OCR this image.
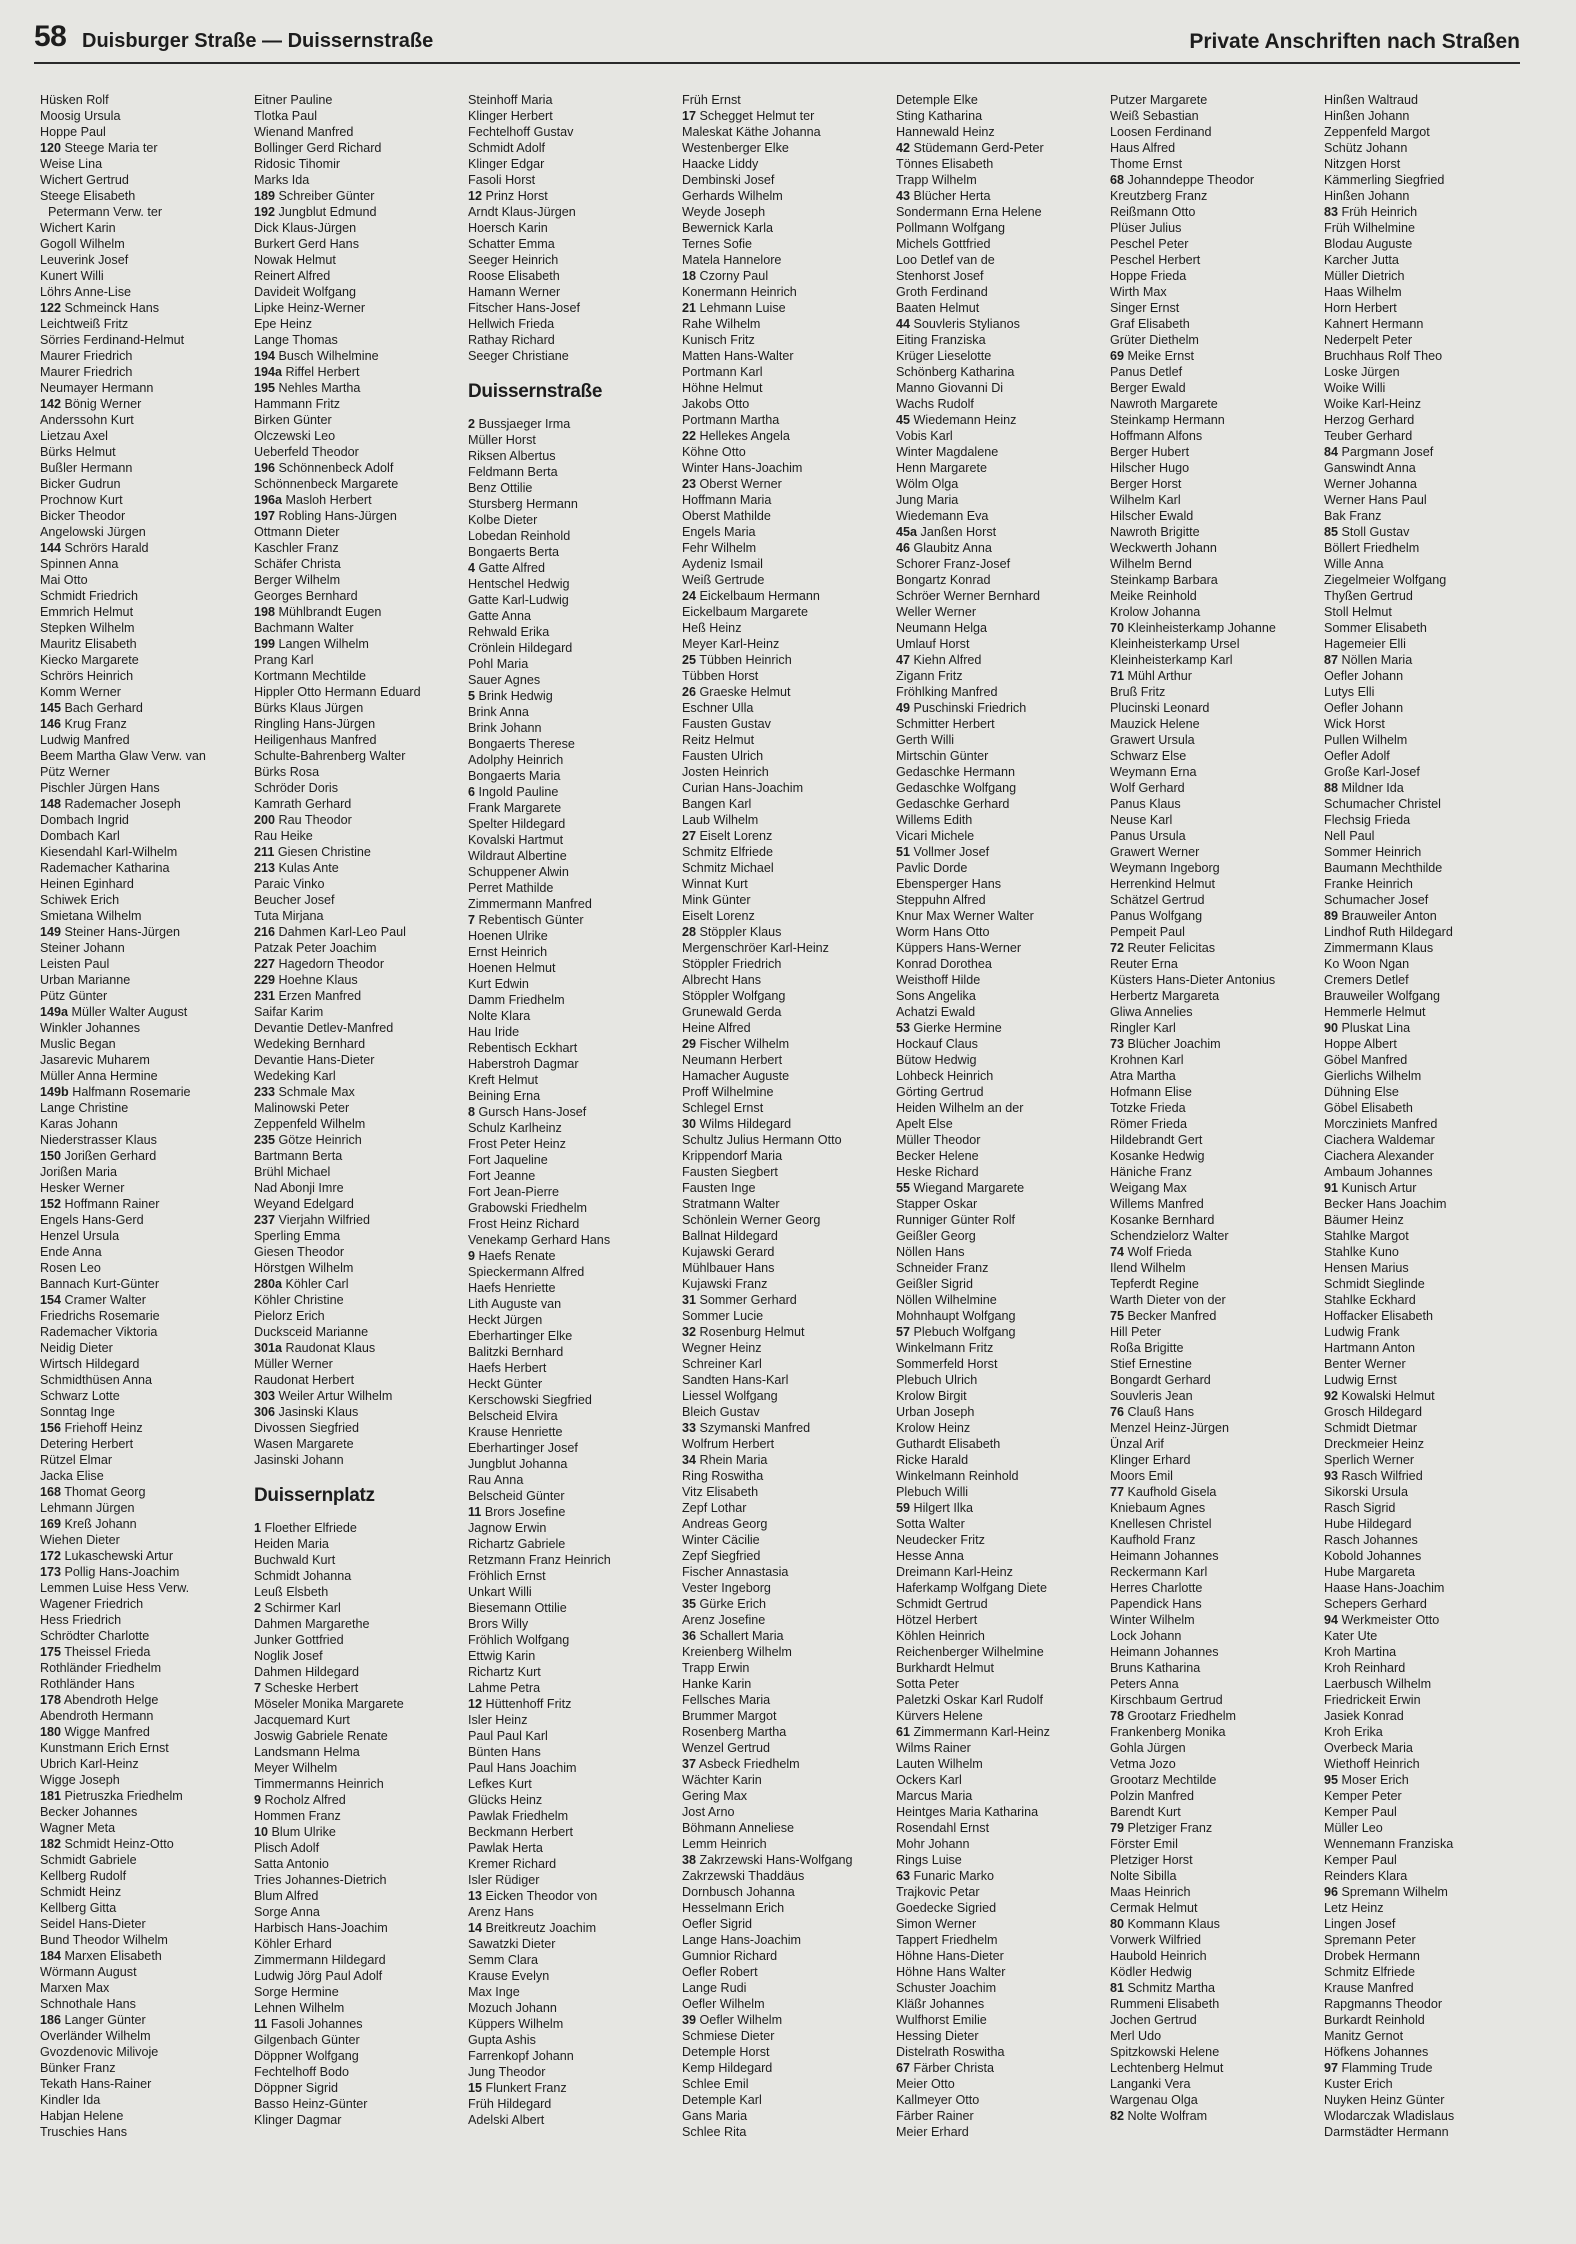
58 Duisburger Straße — Duissernstraße	Private Anschriften nach Straßen
Hüsken Rolf
Moosig Ursula
Hoppe Paul
120 Steege Maria ter
Weise Lina
Wichert Gertrud
Steege Elisabeth
Petermann Verw. ter
Wichert Karin
Gogoll Wilhelm
Leuverink Josef
Kunert Willi
Löhrs Anne-Lise
122 Schmeinck Hans
Leichtweiß Fritz
Sörries Ferdinand-Helmut
Maurer Friedrich
Maurer Friedrich
Neumayer Hermann
142 Bönig Werner
Anderssohn Kurt
Lietzau Axel
Bürks Helmut
Bußler Hermann
Bicker Gudrun
Prochnow Kurt
Bicker Theodor
Angelowski Jürgen
144 Schrörs Harald
Spinnen Anna
Mai Otto
Schmidt Friedrich
Emmrich Helmut
Stepken Wilhelm
Mauritz Elisabeth
Kiecko Margarete
Schrörs Heinrich
Komm Werner
145 Bach Gerhard
146 Krug Franz
Ludwig Manfred
Beem Martha Glaw Verw. van
Pütz Werner
Pischler Jürgen Hans
148 Rademacher Joseph
Dombach Ingrid
Dombach Karl
Kiesendahl Karl-Wilhelm
Rademacher Katharina
Heinen Eginhard
Schiwek Erich
Smietana Wilhelm
149 Steiner Hans-Jürgen
Steiner Johann
Leisten Paul
Urban Marianne
Pütz Günter
149a Müller Walter August
Winkler Johannes
Muslic Began
Jasarevic Muharem
Müller Anna Hermine
149b Halfmann Rosemarie
Lange Christine
Karas Johann
Niederstrasser Klaus
150 Jorißen Gerhard
Jorißen Maria
Hesker Werner
152 Hoffmann Rainer
Engels Hans-Gerd
Henzel Ursula
Ende Anna
Rosen Leo
Bannach Kurt-Günter
154 Cramer Walter
Friedrichs Rosemarie
Rademacher Viktoria
Neidig Dieter
Wirtsch Hildegard
Schmidthüsen Anna
Schwarz Lotte
Sonntag Inge
156 Friehoff Heinz
Detering Herbert
Rützel Elmar
Jacka Elise
168 Thomat Georg
Lehmann Jürgen
169 Kreß Johann
Wiehen Dieter
172 Lukaschewski Artur
173 Pollig Hans-Joachim
Lemmen Luise Hess Verw.
Wagener Friedrich
Hess Friedrich
Schrödter Charlotte
175 Theissel Frieda
Rothländer Friedhelm
Rothländer Hans
178 Abendroth Helge
Abendroth Hermann
180 Wigge Manfred
Kunstmann Erich Ernst
Ubrich Karl-Heinz
Wigge Joseph
181 Pietruszka Friedhelm
Becker Johannes
Wagner Meta
182 Schmidt Heinz-Otto
Schmidt Gabriele
Kellberg Rudolf
Schmidt Heinz
Kellberg Gitta
Seidel Hans-Dieter
Bund Theodor Wilhelm
184 Marxen Elisabeth
Wörmann August
Marxen Max
Schnothale Hans
186 Langer Günter
Overländer Wilhelm
Gvozdenovic Milivoje
Bünker Franz
Tekath Hans-Rainer
Kindler Ida
Habjan Helene
Truschies Hans
Eitner Pauline
Tlotka Paul
Wienand Manfred
Bollinger Gerd Richard
Ridosic Tihomir
Marks Ida
189 Schreiber Günter
192 Jungblut Edmund
Dick Klaus-Jürgen
Burkert Gerd Hans
Nowak Helmut
Reinert Alfred
Davideit Wolfgang
Lipke Heinz-Werner
Epe Heinz
Lange Thomas
194 Busch Wilhelmine
194a Riffel Herbert
195 Nehles Martha
Hammann Fritz
Birken Günter
Olczewski Leo
Ueberfeld Theodor
196 Schönnenbeck Adolf
Schönnenbeck Margarete
196a Masloh Herbert
197 Robling Hans-Jürgen
Ottmann Dieter
Kaschler Franz
Schäfer Christa
Berger Wilhelm
Georges Bernhard
198 Mühlbrandt Eugen
Bachmann Walter
199 Langen Wilhelm
Prang Karl
Kortmann Mechtilde
Hippler Otto Hermann Eduard
Bürks Klaus Jürgen
Ringling Hans-Jürgen
Heiligenhaus Manfred
Schulte-Bahrenberg Walter
Bürks Rosa
Schröder Doris
Kamrath Gerhard
200 Rau Theodor
Rau Heike
211 Giesen Christine
213 Kulas Ante
Paraic Vinko
Beucher Josef
Tuta Mirjana
216 Dahmen Karl-Leo Paul
Patzak Peter Joachim
227 Hagedorn Theodor
229 Hoehne Klaus
231 Erzen Manfred
Saifar Karim
Devantie Detlev-Manfred
Wedeking Bernhard
Devantie Hans-Dieter
Wedeking Karl
233 Schmale Max
Malinowski Peter
Zeppenfeld Wilhelm
235 Götze Heinrich
Bartmann Berta
Brühl Michael
Nad Abonji Imre
Weyand Edelgard
237 Vierjahn Wilfried
Sperling Emma
Giesen Theodor
Hörstgen Wilhelm
280a Köhler Carl
Köhler Christine
Pielorz Erich
Ducksceid Marianne
301a Raudonat Klaus
Müller Werner
Raudonat Herbert
303 Weiler Artur Wilhelm
306 Jasinski Klaus
Divossen Siegfried
Wasen Margarete
Jasinski Johann
Duissernplatz
1 Floether Elfriede
Heiden Maria
Buchwald Kurt
Schmidt Johanna
Leuß Elsbeth
2 Schirmer Karl
Dahmen Margarethe
Junker Gottfried
Noglik Josef
Dahmen Hildegard
7 Scheske Herbert
Möseler Monika Margarete
Jacquemard Kurt
Joswig Gabriele Renate
Landsmann Helma
Meyer Wilhelm
Timmermanns Heinrich
9 Rocholz Alfred
Hommen Franz
10 Blum Ulrike
Plisch Adolf
Satta Antonio
Tries Johannes-Dietrich
Blum Alfred
Sorge Anna
Harbisch Hans-Joachim
Köhler Erhard
Zimmermann Hildegard
Ludwig Jörg Paul Adolf
Sorge Hermine
Lehnen Wilhelm
11 Fasoli Johannes
Gilgenbach Günter
Döppner Wolfgang
Fechtelhoff Bodo
Döppner Sigrid
Basso Heinz-Günter
Klinger Dagmar
Steinhoff Maria
Klinger Herbert
Fechtelhoff Gustav
Schmidt Adolf
Klinger Edgar
Fasoli Horst
12 Prinz Horst
Arndt Klaus-Jürgen
Hoersch Karin
Schatter Emma
Seeger Heinrich
Roose Elisabeth
Hamann Werner
Fitscher Hans-Josef
Hellwich Frieda
Rathay Richard
Seeger Christiane
Duissernstraße
2 Bussjaeger Irma
Müller Horst
Riksen Albertus
Feldmann Berta
Benz Ottilie
Stursberg Hermann
Kolbe Dieter
Lobedan Reinhold
Bongaerts Berta
4 Gatte Alfred
Hentschel Hedwig
Gatte Karl-Ludwig
Gatte Anna
Rehwald Erika
Crönlein Hildegard
Pohl Maria
Sauer Agnes
5 Brink Hedwig
Brink Anna
Brink Johann
Bongaerts Therese
Adolphy Heinrich
Bongaerts Maria
6 Ingold Pauline
Frank Margarete
Spelter Hildegard
Kovalski Hartmut
Wildraut Albertine
Schuppener Alwin
Perret Mathilde
Zimmermann Manfred
7 Rebentisch Günter
Hoenen Ulrike
Ernst Heinrich
Hoenen Helmut
Kurt Edwin
Damm Friedhelm
Nolte Klara
Hau Iride
Rebentisch Eckhart
Haberstroh Dagmar
Kreft Helmut
Beining Erna
8 Gursch Hans-Josef
Schulz Karlheinz
Frost Peter Heinz
Fort Jaqueline
Fort Jeanne
Fort Jean-Pierre
Grabowski Friedhelm
Frost Heinz Richard
Venekamp Gerhard Hans
9 Haefs Renate
Spieckermann Alfred
Haefs Henriette
Lith Auguste van
Heckt Jürgen
Eberhartinger Elke
Balitzki Bernhard
Haefs Herbert
Heckt Günter
Kerschowski Siegfried
Belscheid Elvira
Krause Henriette
Eberhartinger Josef
Jungblut Johanna
Rau Anna
Belscheid Günter
11 Brors Josefine
Jagnow Erwin
Richartz Gabriele
Retzmann Franz Heinrich
Fröhlich Ernst
Unkart Willi
Biesemann Ottilie
Brors Willy
Fröhlich Wolfgang
Ettwig Karin
Richartz Kurt
Lahme Petra
12 Hüttenhoff Fritz
Isler Heinz
Paul Paul Karl
Bünten Hans
Paul Hans Joachim
Lefkes Kurt
Glücks Heinz
Pawlak Friedhelm
Beckmann Herbert
Pawlak Herta
Kremer Richard
Isler Rüdiger
13 Eicken Theodor von
Arenz Hans
14 Breitkreutz Joachim
Sawatzki Dieter
Semm Clara
Krause Evelyn
Max Inge
Mozuch Johann
Küppers Wilhelm
Gupta Ashis
Farrenkopf Johann
Jung Theodor
15 Flunkert Franz
Früh Hildegard
Adelski Albert
Früh Ernst
17 Schegget Helmut ter
Maleskat Käthe Johanna
Westenberger Elke
Haacke Liddy
Dembinski Josef
Gerhards Wilhelm
Weyde Joseph
Bewernick Karla
Ternes Sofie
Matela Hannelore
18 Czorny Paul
Konermann Heinrich
21 Lehmann Luise
Rahe Wilhelm
Kunisch Fritz
Matten Hans-Walter
Portmann Karl
Höhne Helmut
Jakobs Otto
Portmann Martha
22 Hellekes Angela
Köhne Otto
Winter Hans-Joachim
23 Oberst Werner
Hoffmann Maria
Oberst Mathilde
Engels Maria
Fehr Wilhelm
Aydeniz Ismail
Weiß Gertrude
24 Eickelbaum Hermann
Eickelbaum Margarete
Heß Heinz
Meyer Karl-Heinz
25 Tübben Heinrich
Tübben Horst
26 Graeske Helmut
Eschner Ulla
Fausten Gustav
Reitz Helmut
Fausten Ulrich
Josten Heinrich
Curian Hans-Joachim
Bangen Karl
Laub Wilhelm
27 Eiselt Lorenz
Schmitz Elfriede
Schmitz Michael
Winnat Kurt
Mink Günter
Eiselt Lorenz
28 Stöppler Klaus
Mergenschröer Karl-Heinz
Stöppler Friedrich
Albrecht Hans
Stöppler Wolfgang
Grunewald Gerda
Heine Alfred
29 Fischer Wilhelm
Neumann Herbert
Hamacher Auguste
Proff Wilhelmine
Schlegel Ernst
30 Wilms Hildegard
Schultz Julius Hermann Otto
Krippendorf Maria
Fausten Siegbert
Fausten Inge
Stratmann Walter
Schönlein Werner Georg
Ballnat Hildegard
Kujawski Gerard
Mühlbauer Hans
Kujawski Franz
31 Sommer Gerhard
Sommer Lucie
32 Rosenburg Helmut
Wegner Heinz
Schreiner Karl
Sandten Hans-Karl
Liessel Wolfgang
Bleich Gustav
33 Szymanski Manfred
Wolfrum Herbert
34 Rhein Maria
Ring Roswitha
Vitz Elisabeth
Zepf Lothar
Andreas Georg
Winter Cäcilie
Zepf Siegfried
Fischer Annastasia
Vester Ingeborg
35 Gürke Erich
Arenz Josefine
36 Schallert Maria
Kreienberg Wilhelm
Trapp Erwin
Hanke Karin
Fellsches Maria
Brummer Margot
Rosenberg Martha
Wenzel Gertrud
37 Asbeck Friedhelm
Wächter Karin
Gering Max
Jost Arno
Böhmann Anneliese
Lemm Heinrich
38 Zakrzewski Hans-Wolfgang
Zakrzewski Thaddäus
Dornbusch Johanna
Hesselmann Erich
Oefler Sigrid
Lange Hans-Joachim
Gumnior Richard
Oefler Robert
Lange Rudi
Oefler Wilhelm
39 Oefler Wilhelm
Schmiese Dieter
Detemple Horst
Kemp Hildegard
Schlee Emil
Detemple Karl
Gans Maria
Schlee Rita
Detemple Elke
Sting Katharina
Hannewald Heinz
42 Stüdemann Gerd-Peter
Tönnes Elisabeth
Trapp Wilhelm
43 Blücher Herta
Sondermann Erna Helene
Pollmann Wolfgang
Michels Gottfried
Loo Detlef van de
Stenhorst Josef
Groth Ferdinand
Baaten Helmut
44 Souvleris Stylianos
Eiting Franziska
Krüger Lieselotte
Schönberg Katharina
Manno Giovanni Di
Wachs Rudolf
45 Wiedemann Heinz
Vobis Karl
Winter Magdalene
Henn Margarete
Wölm Olga
Jung Maria
Wiedemann Eva
45a Janßen Horst
46 Glaubitz Anna
Schorer Franz-Josef
Bongartz Konrad
Schröer Werner Bernhard
Weller Werner
Neumann Helga
Umlauf Horst
47 Kiehn Alfred
Zigann Fritz
Fröhlking Manfred
49 Puschinski Friedrich
Schmitter Herbert
Gerth Willi
Mirtschin Günter
Gedaschke Hermann
Gedaschke Wolfgang
Gedaschke Gerhard
Willems Edith
Vicari Michele
51 Vollmer Josef
Pavlic Dorde
Ebensperger Hans
Steppuhn Alfred
Knur Max Werner Walter
Worm Hans Otto
Küppers Hans-Werner
Konrad Dorothea
Weisthoff Hilde
Sons Angelika
Achatzi Ewald
53 Gierke Hermine
Hockauf Claus
Bütow Hedwig
Lohbeck Heinrich
Görting Gertrud
Heiden Wilhelm an der
Apelt Else
Müller Theodor
Becker Helene
Heske Richard
55 Wiegand Margarete
Stapper Oskar
Runniger Günter Rolf
Geißler Georg
Nöllen Hans
Schneider Franz
Geißler Sigrid
Nöllen Wilhelmine
Mohnhaupt Wolfgang
57 Plebuch Wolfgang
Winkelmann Fritz
Sommerfeld Horst
Plebuch Ulrich
Krolow Birgit
Urban Joseph
Krolow Heinz
Guthardt Elisabeth
Ricke Harald
Winkelmann Reinhold
Plebuch Willi
59 Hilgert Ilka
Sotta Walter
Neudecker Fritz
Hesse Anna
Dreimann Karl-Heinz
Haferkamp Wolfgang Diete
Schmidt Gertrud
Hötzel Herbert
Köhlen Heinrich
Reichenberger Wilhelmine
Burkhardt Helmut
Sotta Peter
Paletzki Oskar Karl Rudolf
Kürvers Helene
61 Zimmermann Karl-Heinz
Wilms Rainer
Lauten Wilhelm
Ockers Karl
Marcus Maria
Heintges Maria Katharina
Rosendahl Ernst
Mohr Johann
Rings Luise
63 Funaric Marko
Trajkovic Petar
Goedecke Sigried
Simon Werner
Tappert Friedhelm
Höhne Hans-Dieter
Höhne Hans Walter
Schuster Joachim
Kläßr Johannes
Wulfhorst Emilie
Hessing Dieter
Distelrath Roswitha
67 Färber Christa
Meier Otto
Kallmeyer Otto
Färber Rainer
Meier Erhard
Putzer Margarete
Weiß Sebastian
Loosen Ferdinand
Haus Alfred
Thome Ernst
68 Johanndeppe Theodor
Kreutzberg Franz
Reißmann Otto
Plüser Julius
Peschel Peter
Peschel Herbert
Hoppe Frieda
Wirth Max
Singer Ernst
Graf Elisabeth
Grüter Diethelm
69 Meike Ernst
Panus Detlef
Berger Ewald
Nawroth Margarete
Steinkamp Hermann
Hoffmann Alfons
Berger Hubert
Hilscher Hugo
Berger Horst
Wilhelm Karl
Hilscher Ewald
Nawroth Brigitte
Weckwerth Johann
Wilhelm Bernd
Steinkamp Barbara
Meike Reinhold
Krolow Johanna
70 Kleinheisterkamp Johanne
Kleinheisterkamp Ursel
Kleinheisterkamp Karl
71 Mühl Arthur
Bruß Fritz
Plucinski Leonard
Mauzick Helene
Grawert Ursula
Schwarz Else
Weymann Erna
Wolf Gerhard
Panus Klaus
Neuse Karl
Panus Ursula
Grawert Werner
Weymann Ingeborg
Herrenkind Helmut
Schätzel Gertrud
Panus Wolfgang
Pempeit Paul
72 Reuter Felicitas
Reuter Erna
Küsters Hans-Dieter Antonius
Herbertz Margareta
Gliwa Annelies
Ringler Karl
73 Blücher Joachim
Krohnen Karl
Atra Martha
Hofmann Elise
Totzke Frieda
Römer Frieda
Hildebrandt Gert
Kosanke Hedwig
Häniche Franz
Weigang Max
Willems Manfred
Kosanke Bernhard
Schendzielorz Walter
74 Wolf Frieda
Ilend Wilhelm
Tepferdt Regine
Warth Dieter von der
75 Becker Manfred
Hill Peter
Roßa Brigitte
Stief Ernestine
Bongardt Gerhard
Souvleris Jean
76 Clauß Hans
Menzel Heinz-Jürgen
Ünzal Arif
Klinger Erhard
Moors Emil
77 Kaufhold Gisela
Kniebaum Agnes
Knellesen Christel
Kaufhold Franz
Heimann Johannes
Reckermann Karl
Herres Charlotte
Papendick Hans
Winter Wilhelm
Lock Johann
Heimann Johannes
Bruns Katharina
Peters Anna
Kirschbaum Gertrud
78 Grootarz Friedhelm
Frankenberg Monika
Gohla Jürgen
Vetma Jozo
Grootarz Mechtilde
Polzin Manfred
Barendt Kurt
79 Pletziger Franz
Förster Emil
Pletziger Horst
Nolte Sibilla
Maas Heinrich
Cermak Helmut
80 Kommann Klaus
Vorwerk Wilfried
Haubold Heinrich
Ködler Hedwig
81 Schmitz Martha
Rummeni Elisabeth
Jochen Gertrud
Merl Udo
Spitzkowski Helene
Lechtenberg Helmut
Langanki Vera
Wargenau Olga
82 Nolte Wolfram
Hinßen Waltraud
Hinßen Johann
Zeppenfeld Margot
Schütz Johann
Nitzgen Horst
Kämmerling Siegfried
Hinßen Johann
83 Früh Heinrich
Früh Wilhelmine
Blodau Auguste
Karcher Jutta
Müller Dietrich
Haas Wilhelm
Horn Herbert
Kahnert Hermann
Nederpelt Peter
Bruchhaus Rolf Theo
Loske Jürgen
Woike Willi
Woike Karl-Heinz
Herzog Gerhard
Teuber Gerhard
84 Pargmann Josef
Ganswindt Anna
Werner Johanna
Werner Hans Paul
Bak Franz
85 Stoll Gustav
Böllert Friedhelm
Wille Anna
Ziegelmeier Wolfgang
Thyßen Gertrud
Stoll Helmut
Sommer Elisabeth
Hagemeier Elli
87 Nöllen Maria
Oefler Johann
Lutys Elli
Oefler Johann
Wick Horst
Pullen Wilhelm
Oefler Adolf
Große Karl-Josef
88 Mildner Ida
Schumacher Christel
Flechsig Frieda
Nell Paul
Sommer Heinrich
Baumann Mechthilde
Franke Heinrich
Schumacher Josef
89 Brauweiler Anton
Lindhof Ruth Hildegard
Zimmermann Klaus
Ko Woon Ngan
Cremers Detlef
Brauweiler Wolfgang
Hemmerle Helmut
90 Pluskat Lina
Hoppe Albert
Göbel Manfred
Gierlichs Wilhelm
Dühning Else
Göbel Elisabeth
Morcziniets Manfred
Ciachera Waldemar
Ciachera Alexander
Ambaum Johannes
91 Kunisch Artur
Becker Hans Joachim
Bäumer Heinz
Stahlke Margot
Stahlke Kuno
Hensen Marius
Schmidt Sieglinde
Stahlke Eckhard
Hoffacker Elisabeth
Ludwig Frank
Hartmann Anton
Benter Werner
Ludwig Ernst
92 Kowalski Helmut
Grosch Hildegard
Schmidt Dietmar
Dreckmeier Heinz
Sperlich Werner
93 Rasch Wilfried
Sikorski Ursula
Rasch Sigrid
Hube Hildegard
Rasch Johannes
Kobold Johannes
Hube Margareta
Haase Hans-Joachim
Schepers Gerhard
94 Werkmeister Otto
Kater Ute
Kroh Martina
Kroh Reinhard
Laerbusch Wilhelm
Friedrickeit Erwin
Jasiek Konrad
Kroh Erika
Overbeck Maria
Wiethoff Heinrich
95 Moser Erich
Kemper Peter
Kemper Paul
Müller Leo
Wennemann Franziska
Kemper Paul
Reinders Klara
96 Spremann Wilhelm
Letz Heinz
Lingen Josef
Spremann Peter
Drobek Hermann
Schmitz Elfriede
Krause Manfred
Rapgmanns Theodor
Burkardt Reinhold
Manitz Gernot
Höfkens Johannes
97 Flamming Trude
Kuster Erich
Nuyken Heinz Günter
Wlodarczak Wladislaus
Darmstädter Hermann
